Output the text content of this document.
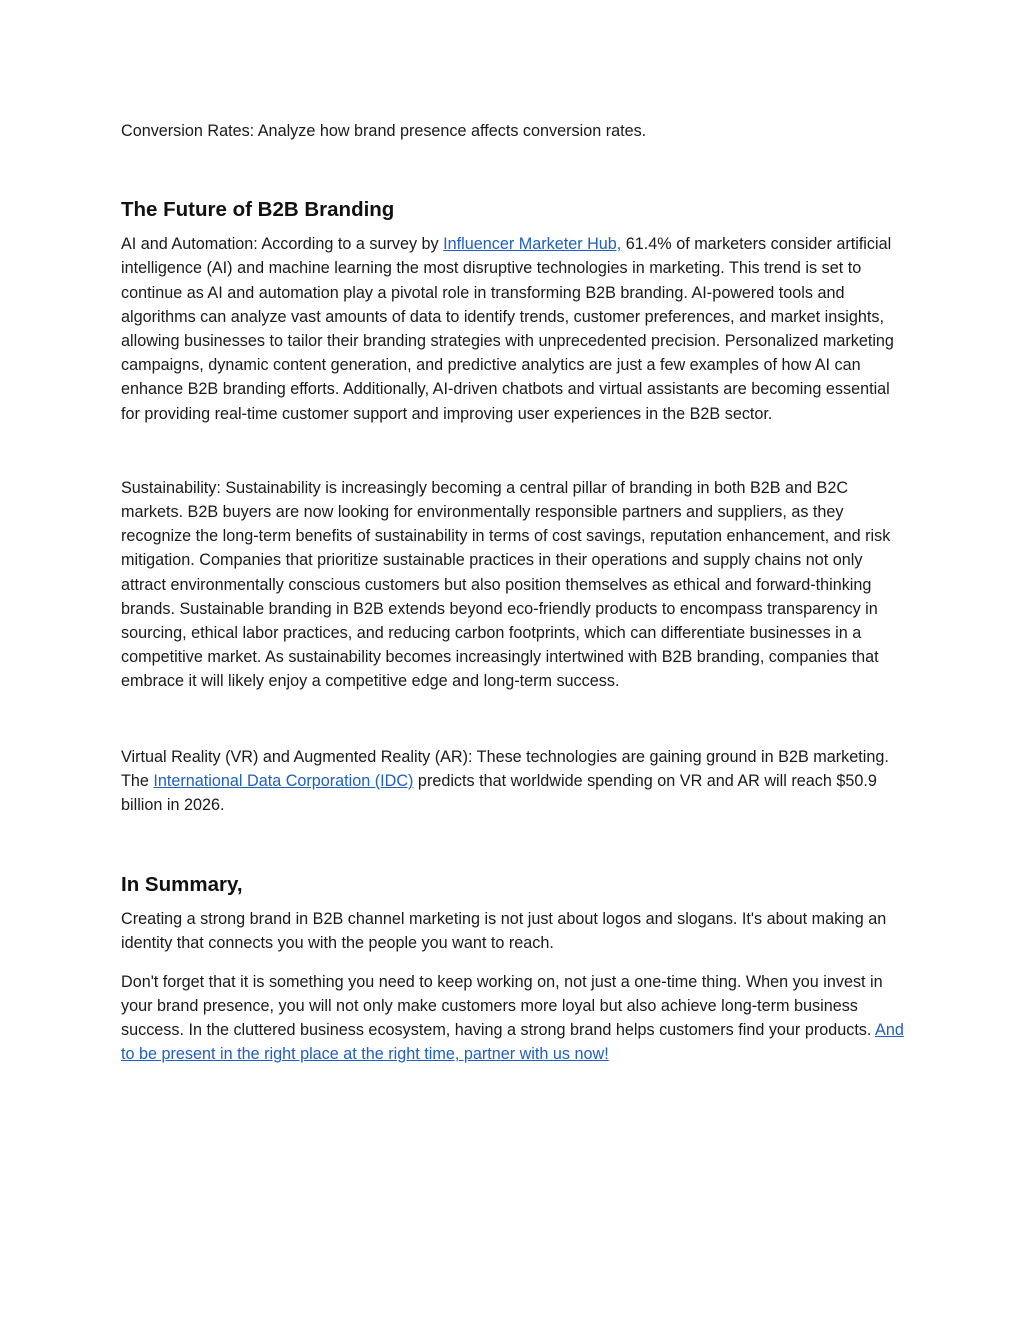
Conversion Rates: Analyze how brand presence affects conversion rates.

The Future of B2B Branding

AI and Automation: According to a survey by Influencer Marketer Hub, 61.4% of marketers consider artificial intelligence (AI) and machine learning the most disruptive technologies in marketing. This trend is set to continue as AI and automation play a pivotal role in transforming B2B branding. AI-powered tools and algorithms can analyze vast amounts of data to identify trends, customer preferences, and market insights, allowing businesses to tailor their branding strategies with unprecedented precision. Personalized marketing campaigns, dynamic content generation, and predictive analytics are just a few examples of how AI can enhance B2B branding efforts. Additionally, AI-driven chatbots and virtual assistants are becoming essential for providing real-time customer support and improving user experiences in the B2B sector.

Sustainability: Sustainability is increasingly becoming a central pillar of branding in both B2B and B2C markets. B2B buyers are now looking for environmentally responsible partners and suppliers, as they recognize the long-term benefits of sustainability in terms of cost savings, reputation enhancement, and risk mitigation. Companies that prioritize sustainable practices in their operations and supply chains not only attract environmentally conscious customers but also position themselves as ethical and forward-thinking brands. Sustainable branding in B2B extends beyond eco-friendly products to encompass transparency in sourcing, ethical labor practices, and reducing carbon footprints, which can differentiate businesses in a competitive market. As sustainability becomes increasingly intertwined with B2B branding, companies that embrace it will likely enjoy a competitive edge and long-term success.

Virtual Reality (VR) and Augmented Reality (AR): These technologies are gaining ground in B2B marketing. The International Data Corporation (IDC) predicts that worldwide spending on VR and AR will reach $50.9 billion in 2026.

In Summary,

Creating a strong brand in B2B channel marketing is not just about logos and slogans. It's about making an identity that connects you with the people you want to reach.

Don't forget that it is something you need to keep working on, not just a one-time thing. When you invest in your brand presence, you will not only make customers more loyal but also achieve long-term business success. In the cluttered business ecosystem, having a strong brand helps customers find your products. And to be present in the right place at the right time, partner with us now!
